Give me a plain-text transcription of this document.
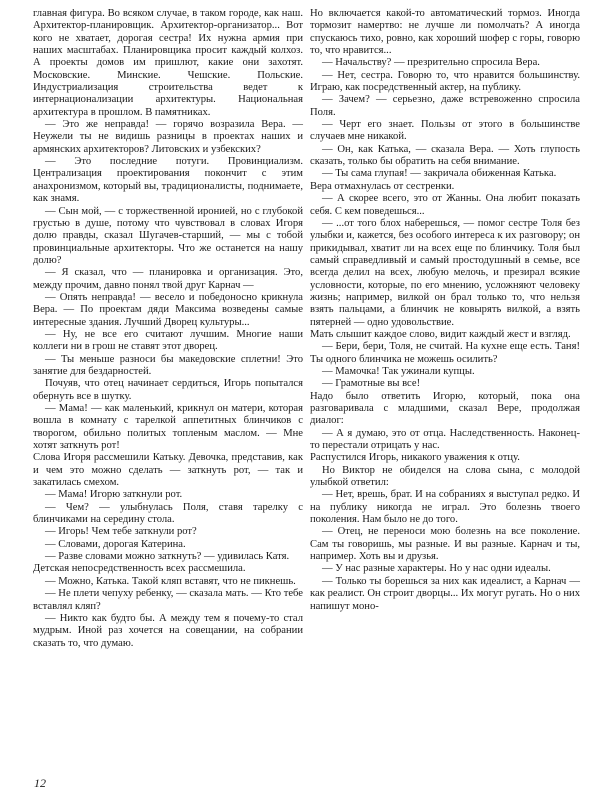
главная фигура. Во всяком случае, в таком городе, как наш. Архитектор-планировщик. Архитектор-организатор... Вот кого не хватает, дорогая сестра! Их нужна армия при наших масштабах. Планировщика просит каждый колхоз. А проекты домов им пришлют, какие они захотят. Московские. Минские. Чешские. Польские. Индустриализация строительства ведет к интернационализации архитектуры. Национальная архитектура в прошлом. В памятниках.

— Это же неправда! — горячо возразила Вера. — Неужели ты не видишь разницы в проектах наших и армянских архитекторов? Литовских и узбекских?

— Это последние потуги. Провинциализм. Централизация проектирования покончит с этим анахронизмом, который вы, традиционалисты, поднимаете, как знамя.

— Сын мой, — с торжественной иронией, но с глубокой грустью в душе, потому что чувствовал в словах Игоря долю правды, сказал Шугачев-старший, — мы с тобой провинциальные архитекторы. Что же останется на нашу долю?

— Я сказал, что — планировка и организация. Это, между прочим, давно понял твой друг Карнач —

— Опять неправда! — весело и победоносно крикнула Вера. — По проектам дяди Максима возведены самые интересные здания. Лучший Дворец культуры...

— Ну, не все его считают лучшим. Многие наши коллеги ни в грош не ставят этот дворец.

— Ты меньше разноси бы македовские сплетни! Это занятие для бездарностей.

Почуяв, что отец начинает сердиться, Игорь попытался обернуть все в шутку.

— Мама! — как маленький, крикнул он матери, которая вошла в комнату с тарелкой аппетитных блинчиков с творогом, обильно политых топленым маслом. — Мне хотят заткнуть рот!

Слова Игоря рассмешили Катьку. Девочка, представив, как и чем это можно сделать — заткнуть рот, — так и закатилась смехом.

— Мама! Игорю заткнули рот.

— Чем? — улыбнулась Поля, ставя тарелку с блинчиками на середину стола.

— Игорь! Чем тебе заткнули рот?

— Словами, дорогая Катерина.

— Разве словами можно заткнуть? — удивилась Катя.

Детская непосредственность всех рассмешила.

— Можно, Катька. Такой кляп вставят, что не пикнешь.

— Не плети чепуху ребенку, — сказала мать. — Кто тебе вставлял кляп?

— Никто как будто бы. А между тем я почему-то стал мудрым. Иной раз хочется на совещании, на собрании сказать то, что думаю.

Но включается какой-то автоматический тормоз. Иногда тормозит намертво: не лучше ли помолчать? А иногда спускаюсь тихо, ровно, как хороший шофер с горы, говорю то, что нравится...

— Начальству? — презрительно спросила Вера.

— Нет, сестра. Говорю то, что нравится большинству. Играю, как посредственный актер, на публику.

— Зачем? — серьезно, даже встревоженно спросила Поля.

— Черт его знает. Пользы от этого в большинстве случаев мне никакой.

— Он, как Катька, — сказала Вера. — Хоть глупость сказать, только бы обратить на себя внимание.

— Ты сама глупая! — закричала обиженная Катька.

Вера отмахнулась от сестренки.

— А скорее всего, это от Жанны. Она любит показать себя. С кем поведешься...

— ...от того блох наберешься, — помог сестре Толя без улыбки и, кажется, без особого интереса к их разговору; он прикидывал, хватит ли на всех еще по блинчику. Толя был самый справедливый и самый простодушный в семье, все всегда делил на всех, любую мелочь, и презирал всякие условности, которые, по его мнению, усложняют человеку жизнь; например, вилкой он брал только то, что нельзя взять пальцами, а блинчик не ковырять вилкой, а взять пятерней — одно удовольствие.

Мать слышит каждое слово, видит каждый жест и взгляд.

— Бери, бери, Толя, не считай. На кухне еще есть. Таня! Ты одного блинчика не можешь осилить?

— Мамочка! Так ужинали купцы.

— Грамотные вы все!

Надо было ответить Игорю, который, пока она разговаривала с младшими, сказал Вере, продолжая диалог:

— А я думаю, это от отца. Наследственность. Наконец-то перестали отрицать у нас.

Распустился Игорь, никакого уважения к отцу.

Но Виктор не обиделся на слова сына, с молодой улыбкой ответил:

— Нет, врешь, брат. И на собраниях я выступал редко. И на публику никогда не играл. Это болезнь твоего поколения. Нам было не до того.

— Отец, не переноси мою болезнь на все поколение. Сам ты говоришь, мы разные. И вы разные. Карнач и ты, например. Хоть вы и друзья.

— У нас разные характеры. Но у нас одни идеалы.

— Только ты борешься за них как идеалист, а Карнач — как реалист. Он строит дворцы... Их могут ругать. Но о них напишут моно-

12
